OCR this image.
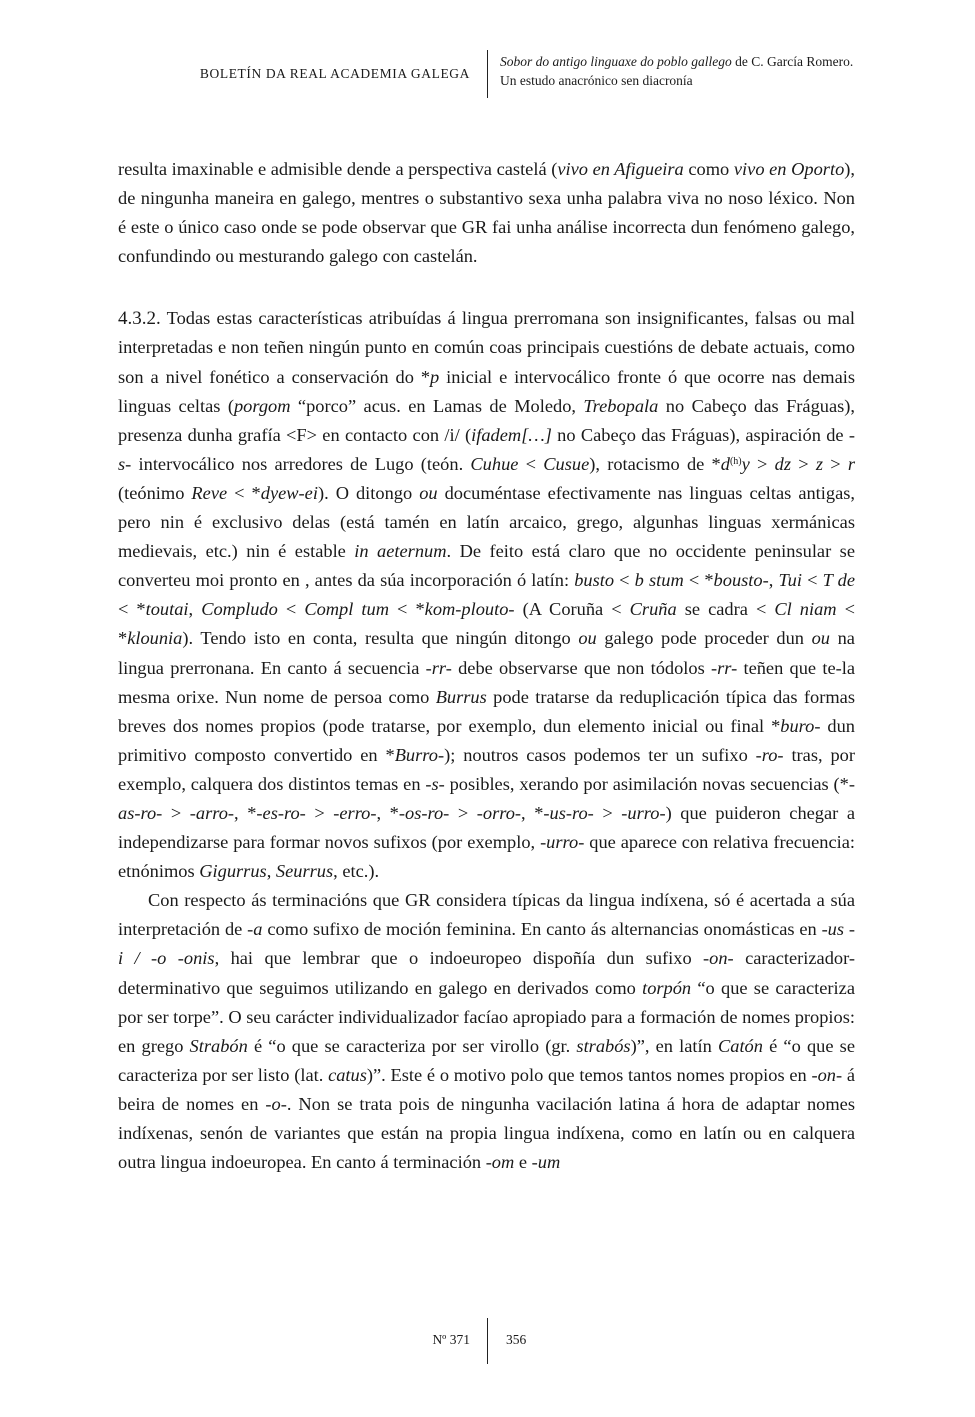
BOLETÍN DA REAL ACADEMIA GALEGA
Sobor do antigo linguaxe do poblo gallego de C. García Romero.
Un estudo anacrónico sen diacronía

resulta imaxinable e admisible dende a perspectiva castelá (vivo en Afigueira como vivo en Oporto), de ningunha maneira en galego, mentres o substantivo sexa unha palabra viva no noso léxico. Non é este o único caso onde se pode observar que GR fai unha análise incorrecta dun fenómeno galego, confundindo ou mesturando galego con castelán.

4.3.2. Todas estas características atribuídas á lingua prerromana son insignificantes, falsas ou mal interpretadas e non teñen ningún punto en común coas principais cuestións de debate actuais, como son a nivel fonético a conservación do *p inicial e intervocálico fronte ó que ocorre nas demais linguas celtas (porgom “porco” acus. en Lamas de Moledo, Trebopala no Cabeço das Fráguas), presenza dunha grafía <F> en contacto con /i/ (ifadem[…] no Cabeço das Fráguas), aspiración de -s- intervocálico nos arredores de Lugo (teón. Cuhue < Cusue), rotacismo de $*d^{(h)}y$ > dz > z > r (teónimo Reve < *dyew-ei). O ditongo ou documéntase efectivamente nas linguas celtas antigas, pero nin é exclusivo delas (está tamén en latín arcaico, grego, algunhas linguas xermánicas medievais, etc.) nin é estable in aeternum. De feito está claro que no occidente peninsular se converteu moi pronto en , antes da súa incorporación ó latín: busto < b stum < *bousto-, Tui < T de < *toutai, Compludo < Compl tum < *kom-plouto- (A Coruña < Cruña se cadra < Cl niam < *klounia). Tendo isto en conta, resulta que ningún ditongo ou galego pode proceder dun ou na lingua prerronana. En canto á secuencia -rr- debe observarse que non tódolos -rr- teñen que te-la mesma orixe. Nun nome de persoa como Burrus pode tratarse da reduplicación típica das formas breves dos nomes propios (pode tratarse, por exemplo, dun elemento inicial ou final *buro- dun primitivo composto convertido en *Burro-); noutros casos podemos ter un sufixo -ro- tras, por exemplo, calquera dos distintos temas en -s- posibles, xerando por asimilación novas secuencias (*-as-ro- > -arro-, *-es-ro- > -erro-, *-os-ro- > -orro-, *-us-ro- > -urro-) que puideron chegar a independizarse para formar novos sufixos (por exemplo, -urro- que aparece con relativa frecuencia: etnónimos Gigurrus, Seurrus, etc.).

Con respecto ás terminacións que GR considera típicas da lingua indíxena, só é acertada a súa interpretación de -a como sufixo de moción feminina. En canto ás alternancias onomásticas en -us -i / -o -onis, hai que lembrar que o indoeuropeo dispoñía dun sufixo -on- caracterizador-determinativo que seguimos utilizando en galego en derivados como torpón “o que se caracteriza por ser torpe”. O seu carácter individualizador facíao apropiado para a formación de nomes propios: en grego Strabón é “o que se caracteriza por ser virollo (gr. strabós)”, en latín Catón é “o que se caracteriza por ser listo (lat. catus)”. Este é o motivo polo que temos tantos nomes propios en -on- á beira de nomes en -o-. Non se trata pois de ningunha vacilación latina á hora de adaptar nomes indíxenas, senón de variantes que están na propia lingua indíxena, como en latín ou en calquera outra lingua indoeuropea. En canto á terminación -om e -um

Nº 371	356
